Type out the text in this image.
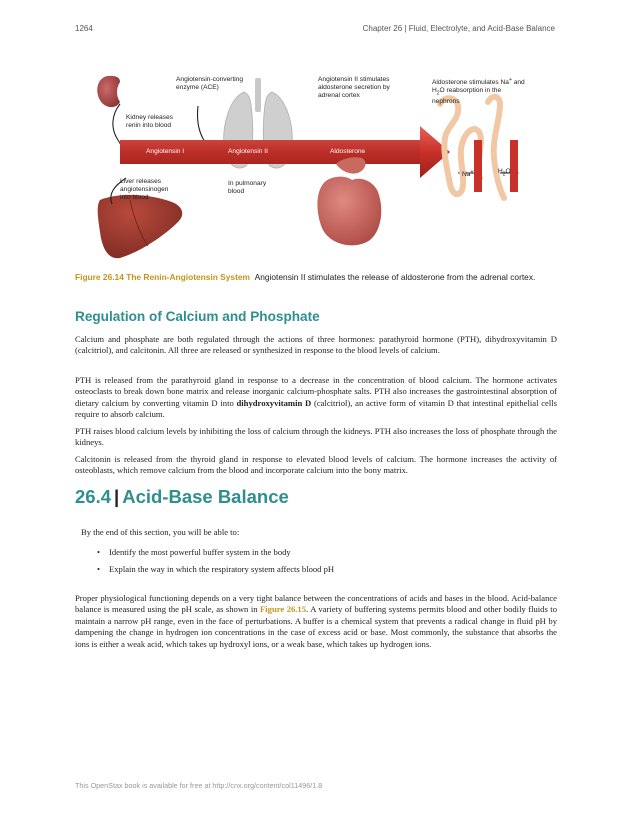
1264	Chapter 26 | Fluid, Electrolyte, and Acid-Base Balance
Angiotensin-converting enzyme (ACE)
Angiotensin II stimulates aldosterone secretion by adrenal cortex
Aldosterone stimulates Na+ and $H_2O$ reabsorption in the nephrons
Kidney releases renin into blood
Liver releases angiotensinogen into blood
In pulmonary blood
Angiotensin I	Angiotensin II	Aldosterone
Na+	$H_2O$
Figure 26.14 The Renin-Angiotensin System Angiotensin II stimulates the release of aldosterone from the adrenal cortex.
Regulation of Calcium and Phosphate

Calcium and phosphate are both regulated through the actions of three hormones: parathyroid hormone (PTH), dihydroxyvitamin D (calcitriol), and calcitonin. All three are released or synthesized in response to the blood levels of calcium.

PTH is released from the parathyroid gland in response to a decrease in the concentration of blood calcium. The hormone activates osteoclasts to break down bone matrix and release inorganic calcium-phosphate salts. PTH also increases the gastrointestinal absorption of dietary calcium by converting vitamin D into dihydroxyvitamin D (calcitriol), an active form of vitamin D that intestinal epithelial cells require to absorb calcium.

PTH raises blood calcium levels by inhibiting the loss of calcium through the kidneys. PTH also increases the loss of phosphate through the kidneys.

Calcitonin is released from the thyroid gland in response to elevated blood levels of calcium. The hormone increases the activity of osteoblasts, which remove calcium from the blood and incorporate calcium into the bony matrix.

26.4 | Acid-Base Balance

By the end of this section, you will be able to:

• Identify the most powerful buffer system in the body
• Explain the way in which the respiratory system affects blood pH

Proper physiological functioning depends on a very tight balance between the concentrations of acids and bases in the blood. Acid-balance balance is measured using the pH scale, as shown in Figure 26.15. A variety of buffering systems permits blood and other bodily fluids to maintain a narrow pH range, even in the face of perturbations. A buffer is a chemical system that prevents a radical change in fluid pH by dampening the change in hydrogen ion concentrations in the case of excess acid or base. Most commonly, the substance that absorbs the ions is either a weak acid, which takes up hydroxyl ions, or a weak base, which takes up hydrogen ions.

This OpenStax book is available for free at http://cnx.org/content/col11496/1.8
